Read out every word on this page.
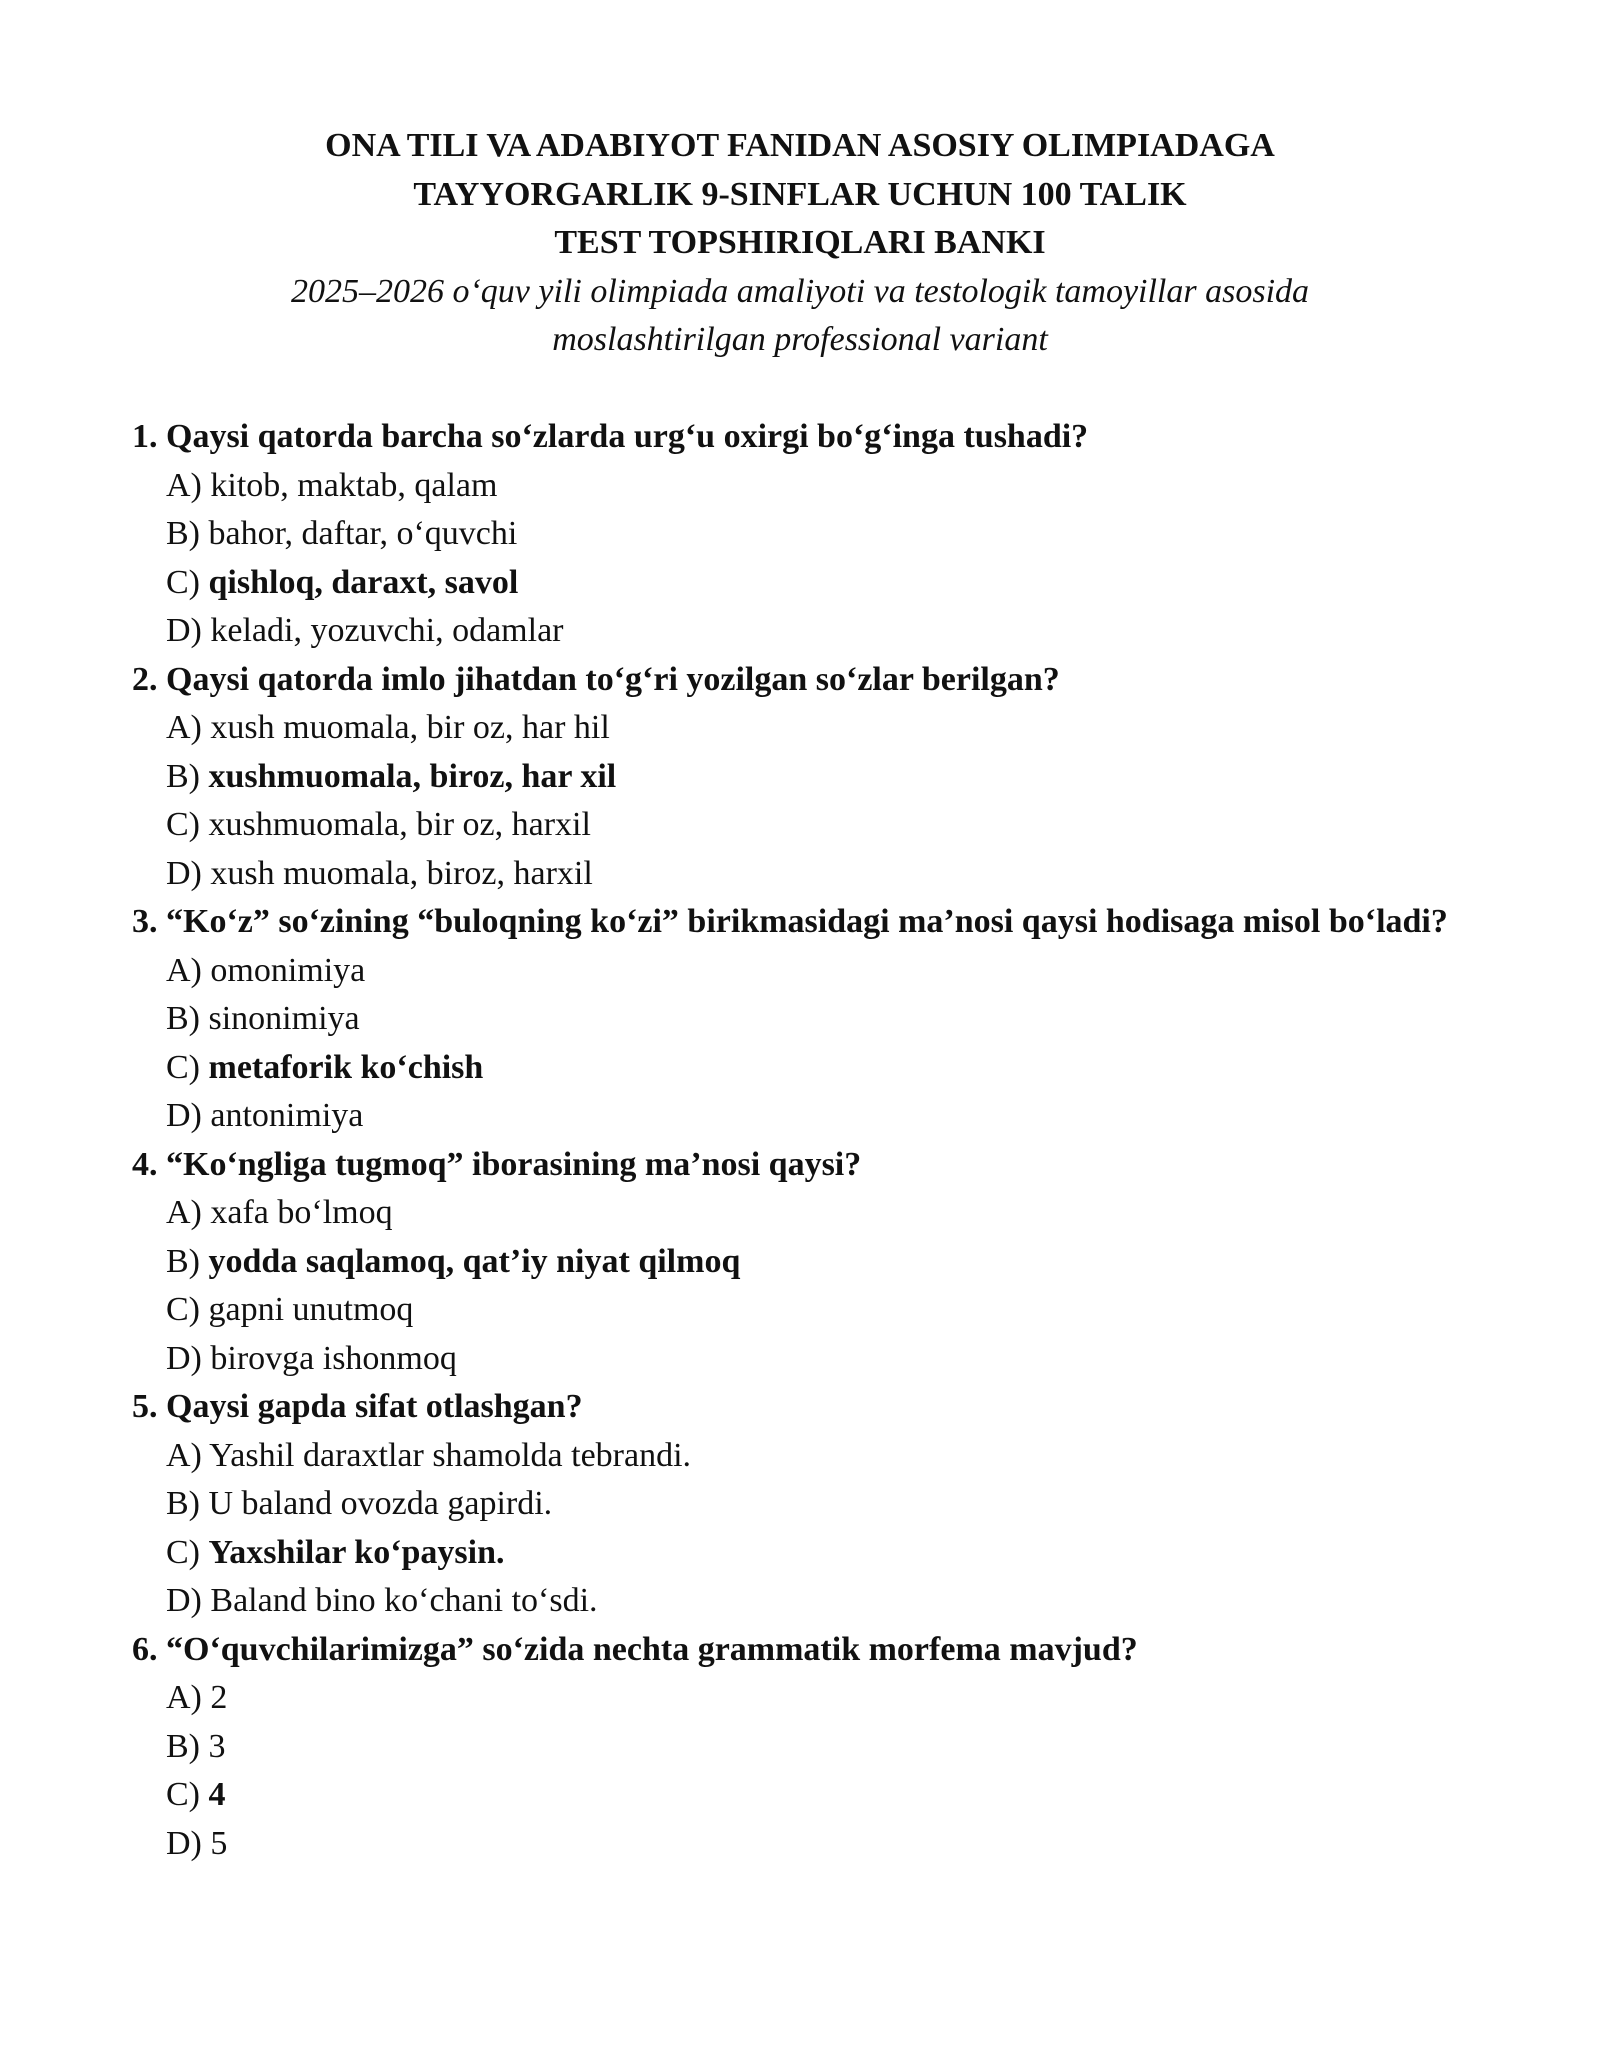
ONA TILI VA ADABIYOT FANIDAN ASOSIY OLIMPIADAGA
TAYYORGARLIK 9-SINFLAR UCHUN 100 TALIK
TEST TOPSHIRIQLARI BANKI
2025–2026 o‘quv yili olimpiada amaliyoti va testologik tamoyillar asosida
moslashtirilgan professional variant
1. Qaysi qatorda barcha so‘zlarda urg‘u oxirgi bo‘g‘inga tushadi?
A) kitob, maktab, qalam
B) bahor, daftar, o‘quvchi
C) qishloq, daraxt, savol
D) keladi, yozuvchi, odamlar
2. Qaysi qatorda imlo jihatdan to‘g‘ri yozilgan so‘zlar berilgan?
A) xush muomala, bir oz, har hil
B) xushmuomala, biroz, har xil
C) xushmuomala, bir oz, harxil
D) xush muomala, biroz, harxil
3. “Ko‘z” so‘zining “buloqning ko‘zi” birikmasidagi ma’nosi qaysi hodisaga misol bo‘ladi?
A) omonimiya
B) sinonimiya
C) metaforik ko‘chish
D) antonimiya
4. “Ko‘ngliga tugmoq” iborasining ma’nosi qaysi?
A) xafa bo‘lmoq
B) yodda saqlamoq, qat’iy niyat qilmoq
C) gapni unutmoq
D) birovga ishonmoq
5. Qaysi gapda sifat otlashgan?
A) Yashil daraxtlar shamolda tebrandi.
B) U baland ovozda gapirdi.
C) Yaxshilar ko‘paysin.
D) Baland bino ko‘chani to‘sdi.
6. “O‘quvchilarimizga” so‘zida nechta grammatik morfema mavjud?
A) 2
B) 3
C) 4
D) 5
